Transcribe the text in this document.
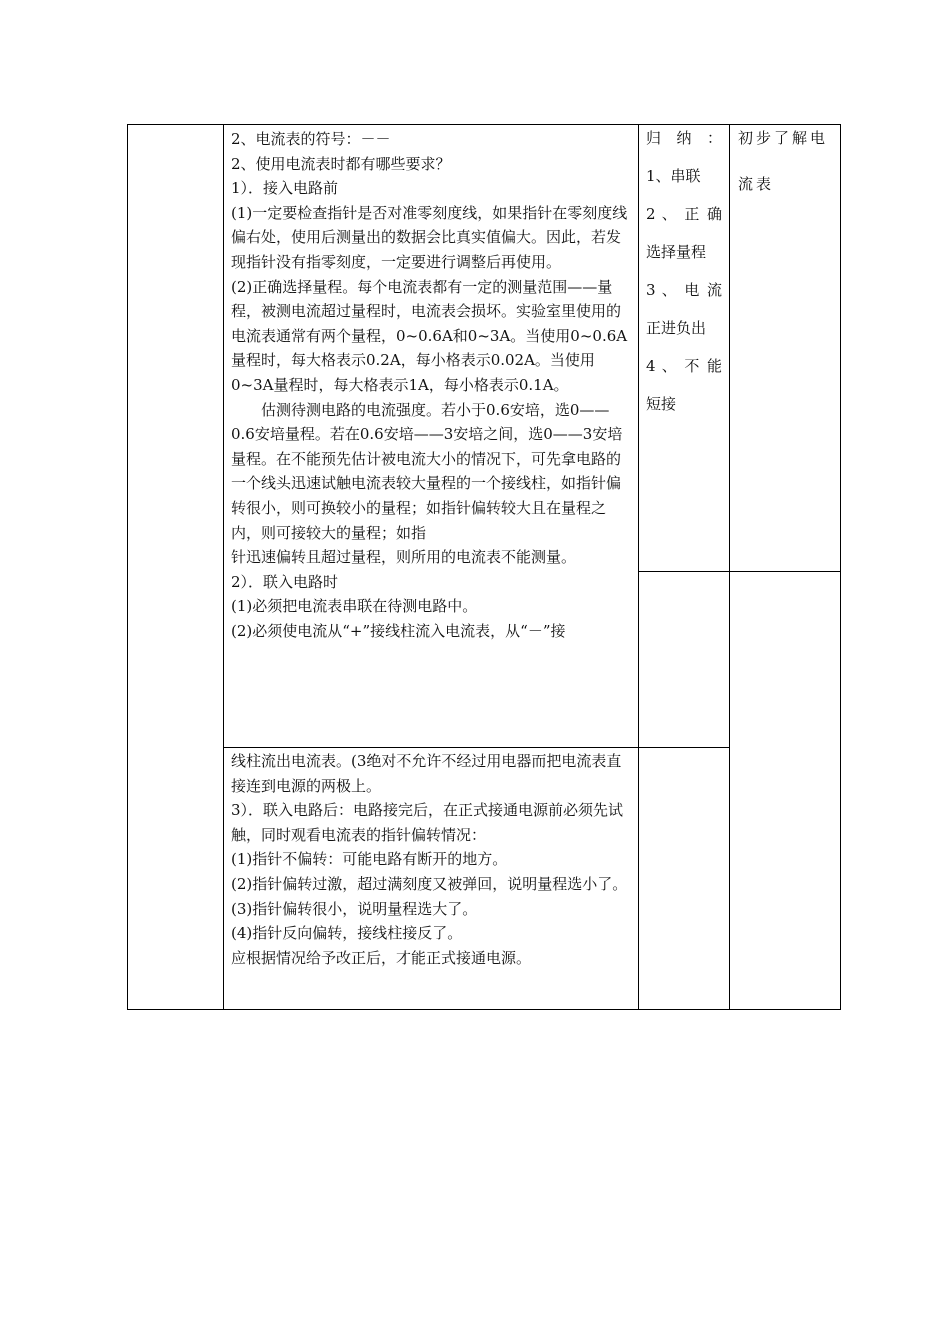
2、电流表的符号：－－

2、使用电流表时都有哪些要求？

1）．接入电路前

(1)一定要检查指针是否对准零刻度线，如果指针在零刻度线偏右处，使用后测量出的数据会比真实值偏大。因此，若发现指针没有指零刻度，一定要进行调整后再使用。

(2)正确选择量程。每个电流表都有一定的测量范围——量程，被测电流超过量程时，电流表会损坏。实验室里使用的电流表通常有两个量程，0~0.6A和0~3A。当使用0~0.6A量程时，每大格表示0.2A，每小格表示0.02A。当使用0~3A量程时，每大格表示1A，每小格表示0.1A。

估测待测电路的电流强度。若小于0.6安培，选0——0.6安培量程。若在0.6安培——3安培之间，选0——3安培量程。在不能预先估计被电流大小的情况下，可先拿电路的一个线头迅速试触电流表较大量程的一个接线柱，如指针偏转很小，则可换较小的量程；如指针偏转较大且在量程之内，则可接较大的量程；如指

针迅速偏转且超过量程，则所用的电流表不能测量。

2）．联入电路时

(1)必须把电流表串联在待测电路中。

(2)必须使电流从“+”接线柱流入电流表，从“－”接

线柱流出电流表。(3绝对不允许不经过用电器而把电流表直接连到电源的两极上。

3）．联入电路后：电路接完后，在正式接通电源前必须先试触，同时观看电流表的指针偏转情况：

(1)指针不偏转：可能电路有断开的地方。

(2)指针偏转过激，超过满刻度又被弹回，说明量程选小了。

(3)指针偏转很小，说明量程选大了。

(4)指针反向偏转，接线柱接反了。

应根据情况给予改正后，才能正式接通电源。

归 纳 ：

1、串联

2 、 正 确

选择量程

3 、 电 流

正进负出

4 、 不 能

短接

初步了解电流表
